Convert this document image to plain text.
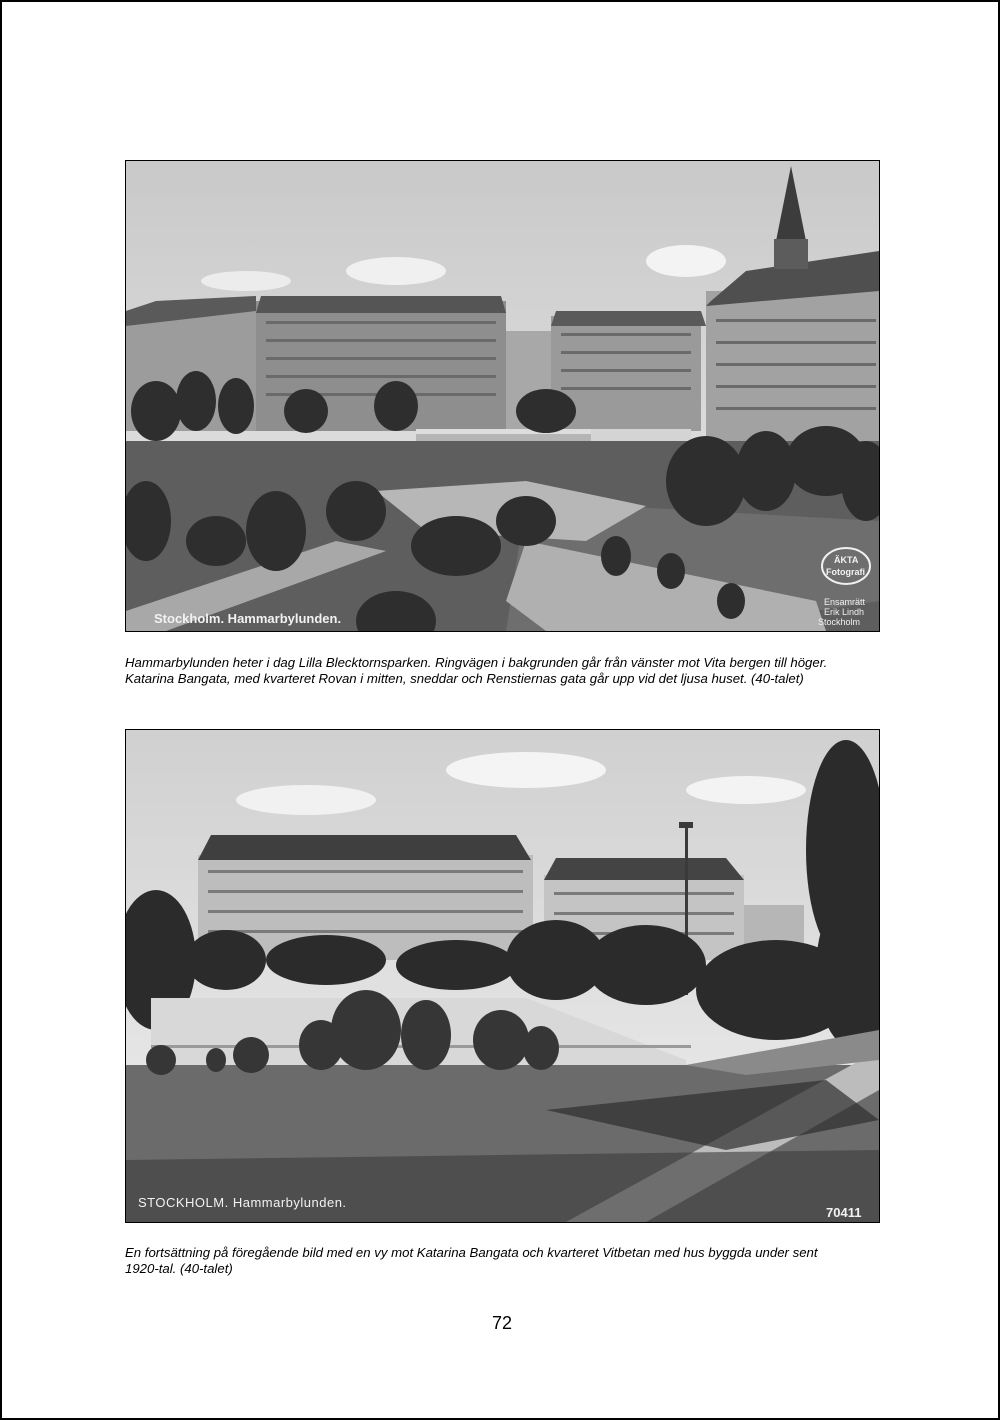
Stockholm. Hammarbylunden.
ÄKTA
Fotografi
Ensamrätt
Erik Lindh
Stockholm
Hammarbylunden heter i dag Lilla Blecktornsparken. Ringvägen i bakgrunden går från vänster mot Vita bergen till höger.
Katarina Bangata, med kvarteret Rovan i mitten, sneddar och Renstiernas gata går upp vid det ljusa huset. (40-talet)
STOCKHOLM. Hammarbylunden.
70411
En fortsättning på föregående bild med en vy mot Katarina Bangata och kvarteret Vitbetan med hus byggda under sent
1920-tal. (40-talet)
72
